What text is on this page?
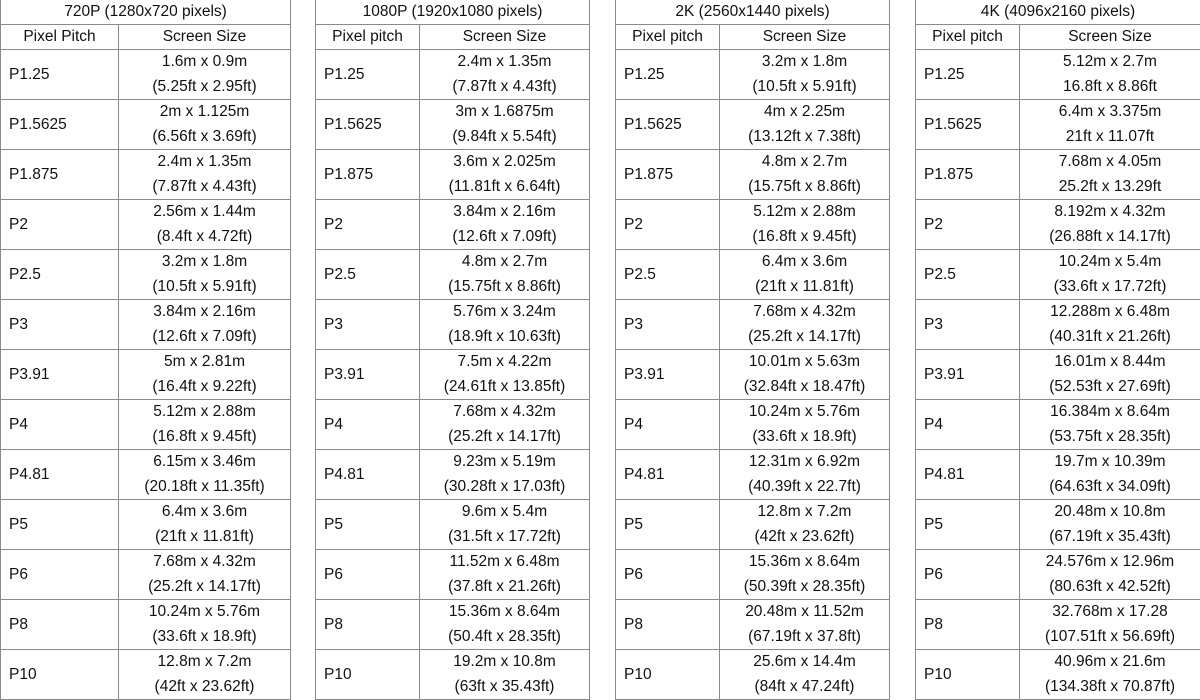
720P (1280x720 pixels)	
Pixel Pitch	Screen Size
P1.25	1.6m x 0.9m
(5.25ft x 2.95ft)

P1.5625	2m x 1.125m
(6.56ft x 3.69ft)

P1.875	2.4m x 1.35m
(7.87ft x 4.43ft)

P2	2.56m x 1.44m
(8.4ft x 4.72ft)

P2.5	3.2m x 1.8m
(10.5ft x 5.91ft)

P3	3.84m x 2.16m
(12.6ft x 7.09ft)

P3.91	5m x 2.81m
(16.4ft x 9.22ft)

P4	5.12m x 2.88m
(16.8ft x 9.45ft)

P4.81	6.15m x 3.46m
(20.18ft x 11.35ft)

P5	6.4m x 3.6m
(21ft x 11.81ft)

P6	7.68m x 4.32m
(25.2ft x 14.17ft)

P8	10.24m x 5.76m
(33.6ft x 18.9ft)

P10	12.8m x 7.2m
(42ft x 23.62ft)
1080P (1920x1080 pixels)	
Pixel pitch	Screen Size
P1.25	2.4m x 1.35m
(7.87ft x 4.43ft)

P1.5625	3m x 1.6875m
(9.84ft x 5.54ft)

P1.875	3.6m x 2.025m
(11.81ft x 6.64ft)

P2	3.84m x 2.16m
(12.6ft x 7.09ft)

P2.5	4.8m x 2.7m
(15.75ft x 8.86ft)

P3	5.76m x 3.24m
(18.9ft x 10.63ft)

P3.91	7.5m x 4.22m
(24.61ft x 13.85ft)

P4	7.68m x 4.32m
(25.2ft x 14.17ft)

P4.81	9.23m x 5.19m
(30.28ft x 17.03ft)

P5	9.6m x 5.4m
(31.5ft x 17.72ft)

P6	11.52m x 6.48m
(37.8ft x 21.26ft)

P8	15.36m x 8.64m
(50.4ft x 28.35ft)

P10	19.2m x 10.8m
(63ft x 35.43ft)
2K (2560x1440 pixels)	
Pixel pitch	Screen Size
P1.25	3.2m x 1.8m
(10.5ft x 5.91ft)

P1.5625	4m x 2.25m
(13.12ft x 7.38ft)

P1.875	4.8m x 2.7m
(15.75ft x 8.86ft)

P2	5.12m x 2.88m
(16.8ft x 9.45ft)

P2.5	6.4m x 3.6m
(21ft x 11.81ft)

P3	7.68m x 4.32m
(25.2ft x 14.17ft)

P3.91	10.01m x 5.63m
(32.84ft x 18.47ft)

P4	10.24m x 5.76m
(33.6ft x 18.9ft)

P4.81	12.31m x 6.92m
(40.39ft x 22.7ft)

P5	12.8m x 7.2m
(42ft x 23.62ft)

P6	15.36m x 8.64m
(50.39ft x 28.35ft)

P8	20.48m x 11.52m
(67.19ft x 37.8ft)

P10	25.6m x 14.4m
(84ft x 47.24ft)
4K (4096x2160 pixels)	
Pixel pitch	Screen Size
P1.25	5.12m x 2.7m
16.8ft x 8.86ft

P1.5625	6.4m x 3.375m
21ft x 11.07ft

P1.875	7.68m x 4.05m
25.2ft x 13.29ft

P2	8.192m x 4.32m
(26.88ft x 14.17ft)

P2.5	10.24m x 5.4m
(33.6ft x 17.72ft)

P3	12.288m x 6.48m
(40.31ft x 21.26ft)

P3.91	16.01m x 8.44m
(52.53ft x 27.69ft)

P4	16.384m x 8.64m
(53.75ft x 28.35ft)

P4.81	19.7m x 10.39m
(64.63ft x 34.09ft)

P5	20.48m x 10.8m
(67.19ft x 35.43ft)

P6	24.576m x 12.96m
(80.63ft x 42.52ft)

P8	32.768m x 17.28
(107.51ft x 56.69ft)

P10	40.96m x 21.6m
(134.38ft x 70.87ft)
